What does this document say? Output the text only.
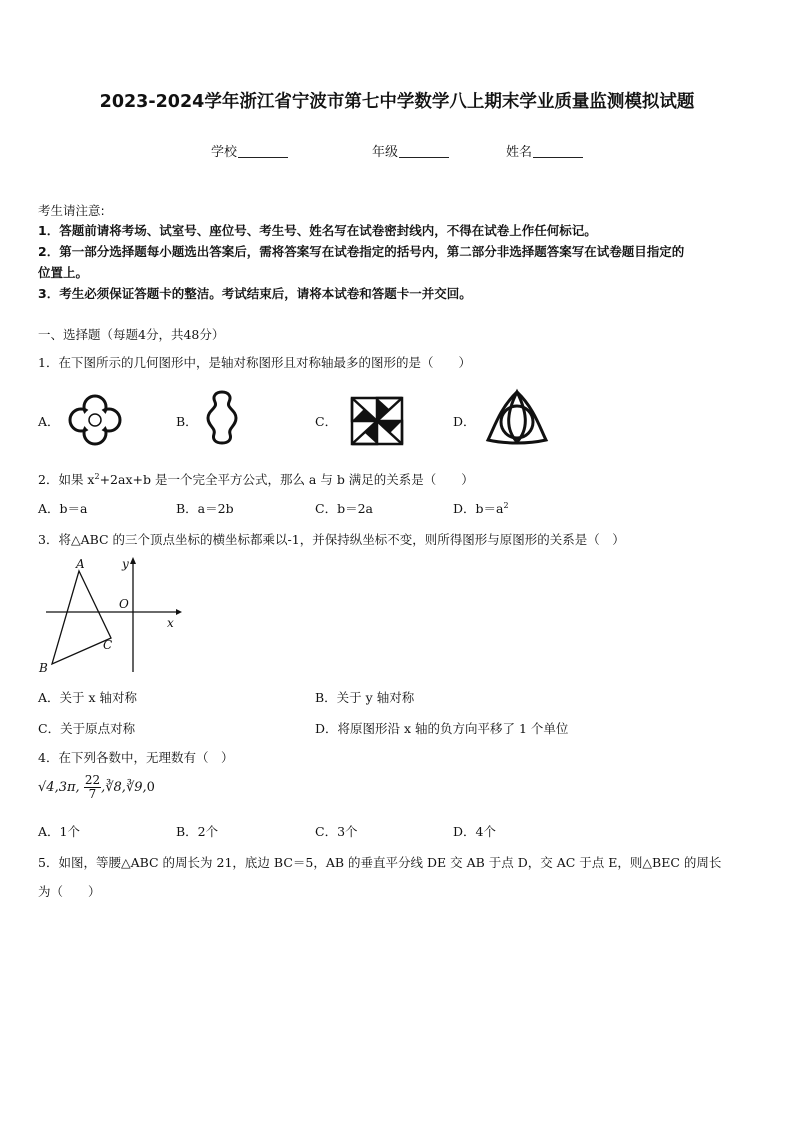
2023-2024学年浙江省宁波市第七中学数学八上期末学业质量监测模拟试题
学校	年级	姓名
考生请注意:
1．答题前请将考场、试室号、座位号、考生号、姓名写在试卷密封线内，不得在试卷上作任何标记。
2．第一部分选择题每小题选出答案后，需将答案写在试卷指定的括号内，第二部分非选择题答案写在试卷题目指定的
位置上。
3．考生必须保证答题卡的整洁。考试结束后，请将本试卷和答题卡一并交回。
一、选择题（每题4分，共48分）
1．在下图所示的几何图形中，是轴对称图形且对称轴最多的图形的是（　　）
A．	B．	C．	D．
2．如果 $x^2+2ax+b$ 是一个完全平方公式，那么 a 与 b 满足的关系是（　　）
A．b＝a	B．a＝2b	C．b＝2a	D．$b=a^2$
3．将△ABC 的三个顶点坐标的横坐标都乘以-1，并保持纵坐标不变，则所得图形与原图形的关系是（　）
A
B
C
O
x
y
A．关于 x 轴对称	B．关于 y 轴对称
C．关于原点对称	D．将原图形沿 x 轴的负方向平移了 1 个单位
4．在下列各数中，无理数有（　）
√4,3π, $\frac{22}{7}$ ,∛8,∛9,0
A．1个	B．2个	C．3个	D．4个
5．如图，等腰△ABC 的周长为 21，底边 BC＝5，AB 的垂直平分线 DE 交 AB 于点 D，交 AC 于点 E，则△BEC 的周长
为（　　）
